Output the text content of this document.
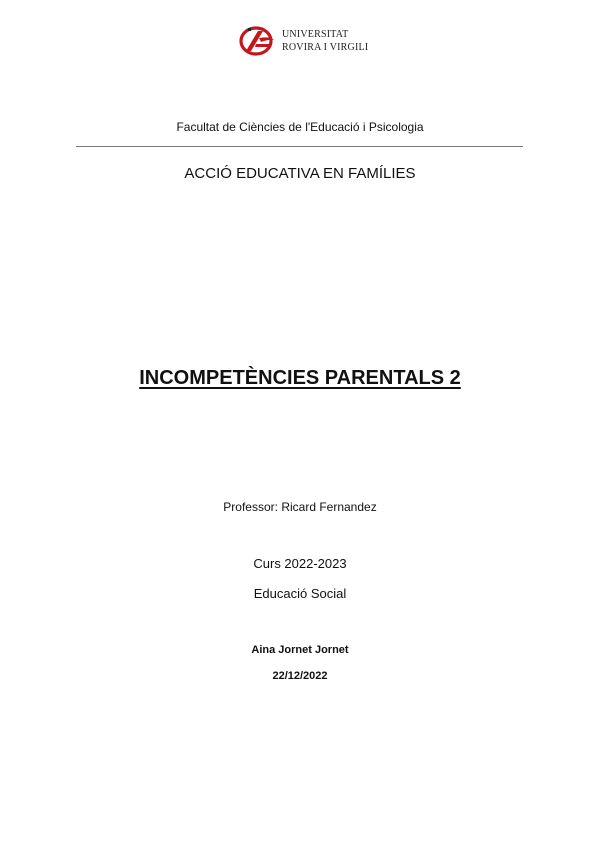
UNIVERSITAT
ROVIRA I VIRGILI
Facultat de Ciències de l'Educació i Psicologia
ACCIÓ EDUCATIVA EN FAMÍLIES
INCOMPETÈNCIES PARENTALS 2
Professor: Ricard Fernandez
Curs 2022-2023
Educació Social
Aina Jornet Jornet
22/12/2022
